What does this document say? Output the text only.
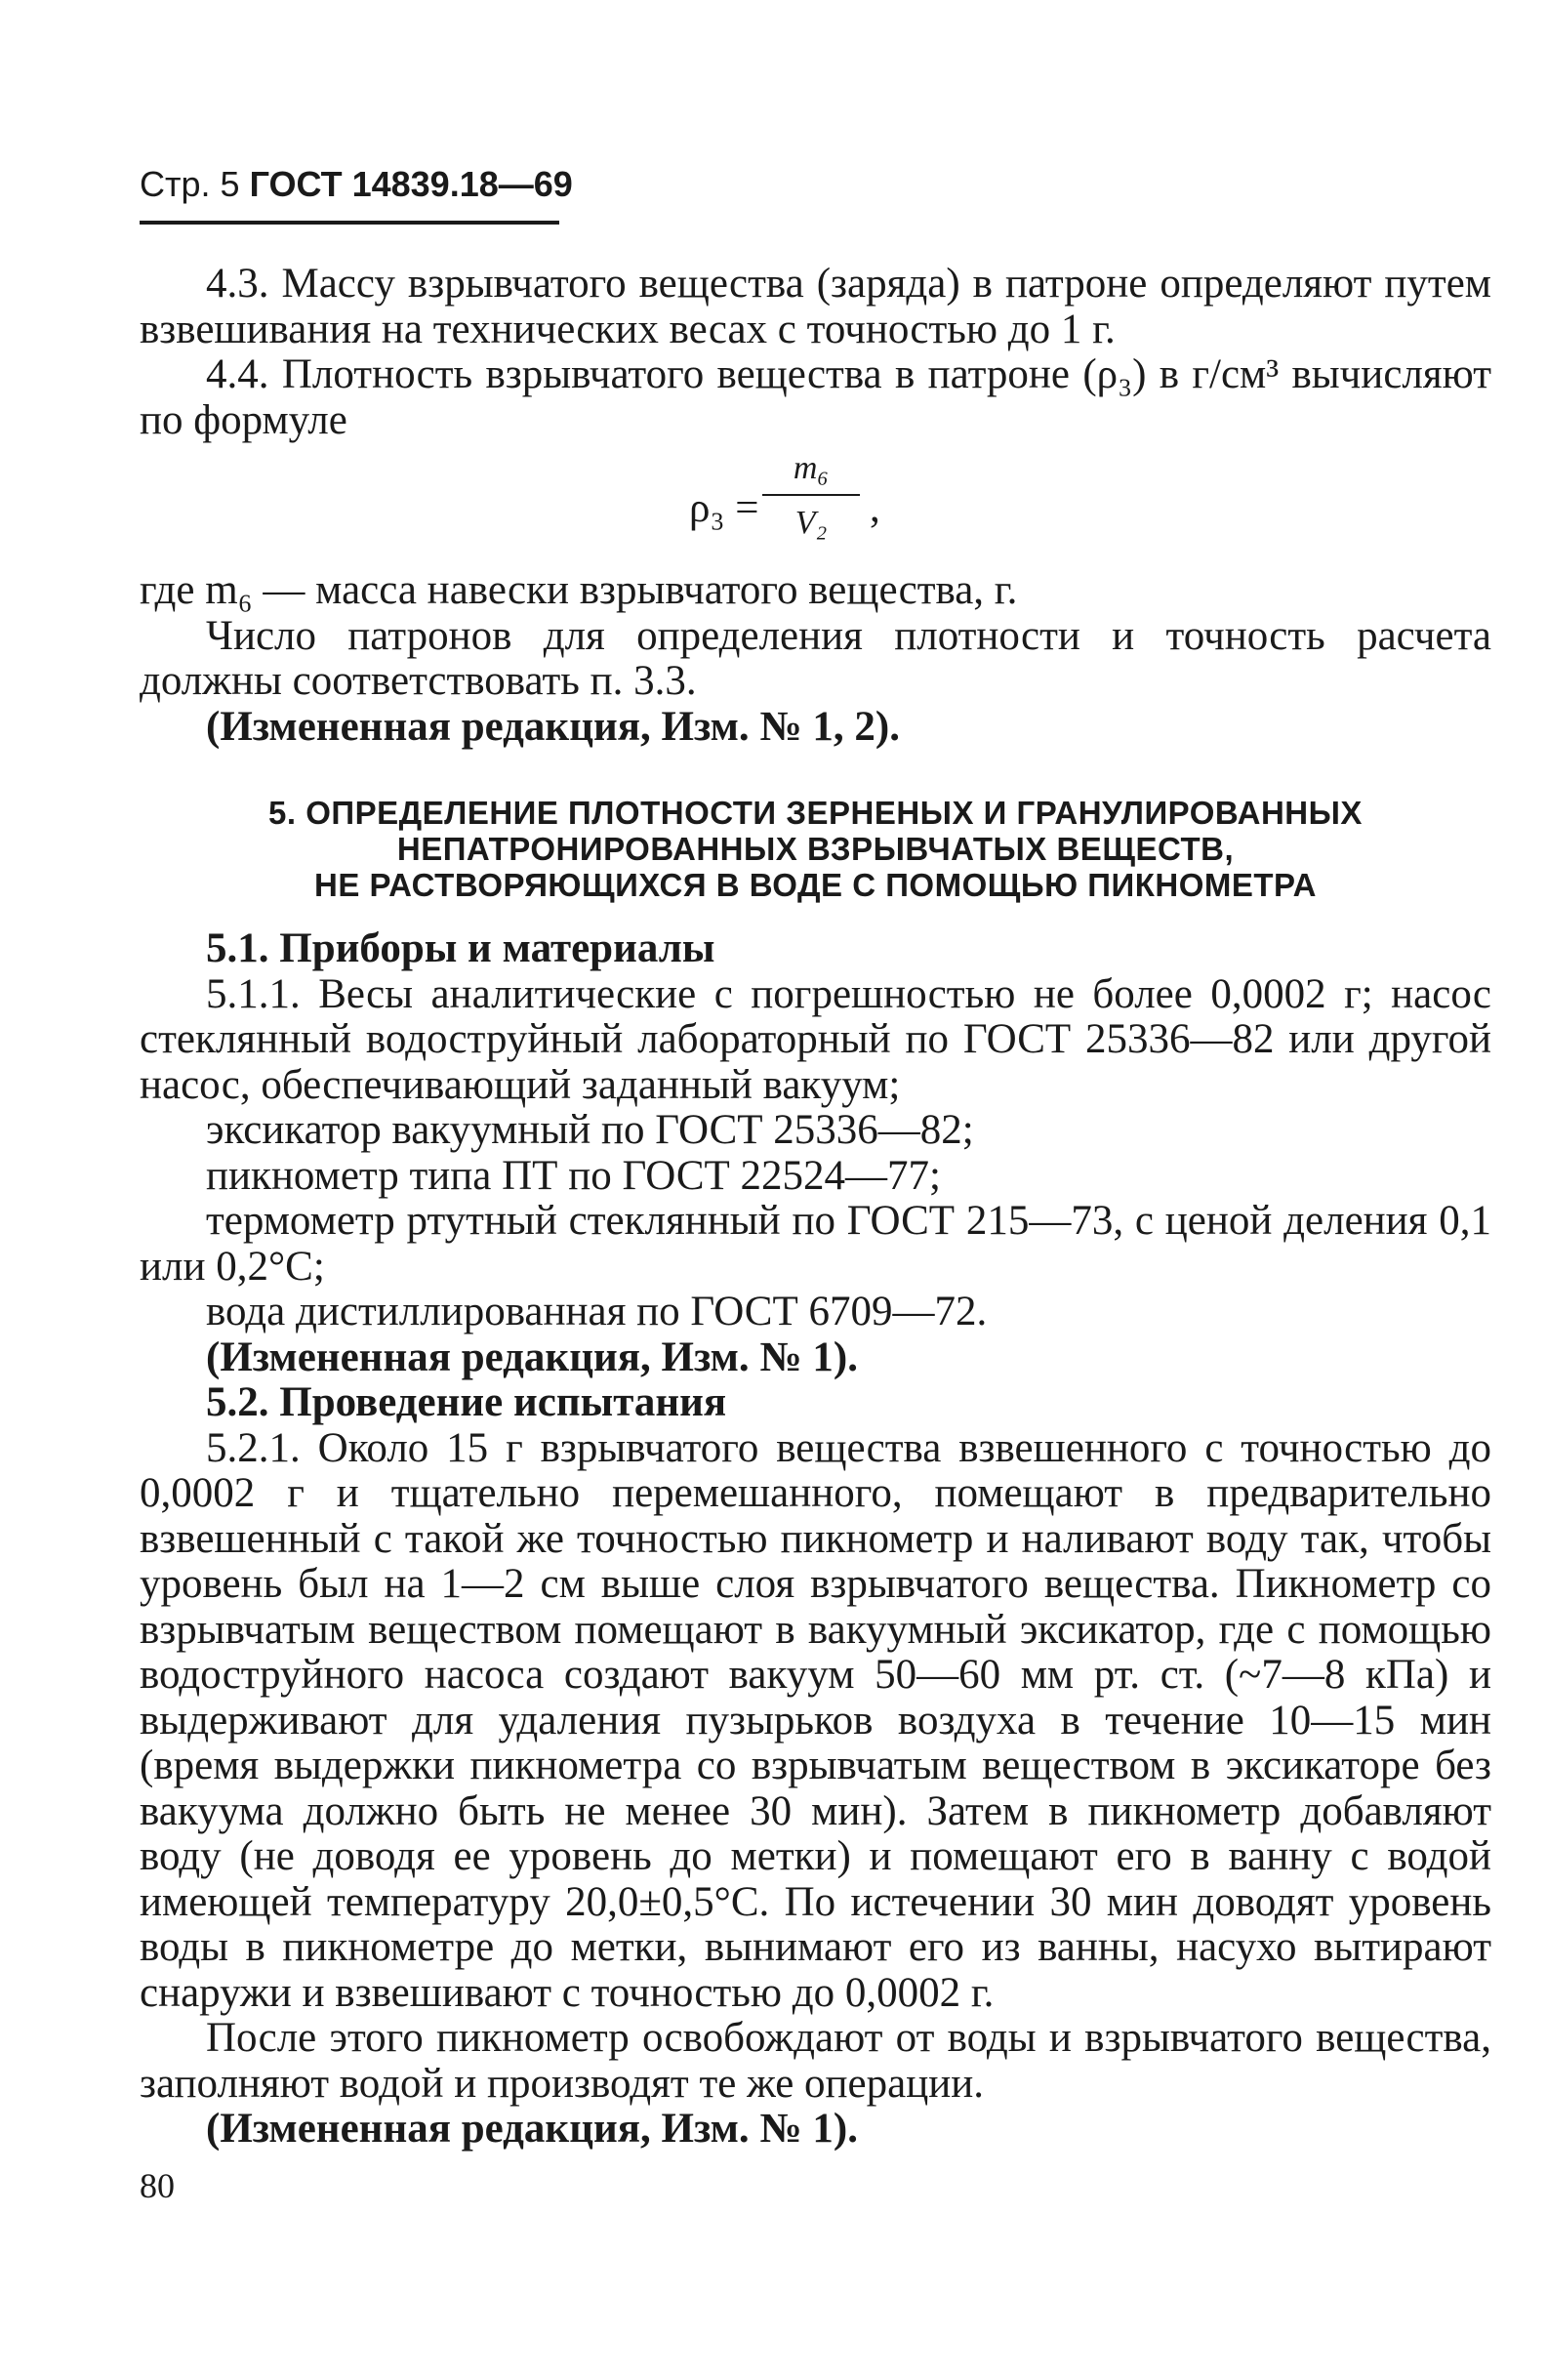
Стр. 5 ГОСТ 14839.18—69

4.3. Массу взрывчатого вещества (заряда) в патроне определяют путем взвешивания на технических весах с точностью до 1 г.

4.4. Плотность взрывчатого вещества в патроне (ρ₃) в г/см³ вычисляют по формуле

ρ₃ =
m₆
V₂	,

где m₆ — масса навески взрывчатого вещества, г.

Число патронов для определения плотности и точность расчета должны соответствовать п. 3.3.

(Измененная редакция, Изм. № 1, 2).

5. ОПРЕДЕЛЕНИЕ ПЛОТНОСТИ ЗЕРНЕНЫХ И ГРАНУЛИРОВАННЫХ
НЕПАТРОНИРОВАННЫХ ВЗРЫВЧАТЫХ ВЕЩЕСТВ,
НЕ РАСТВОРЯЮЩИХСЯ В ВОДЕ С ПОМОЩЬЮ ПИКНОМЕТРА

5.1. Приборы и материалы

5.1.1. Весы аналитические с погрешностью не более 0,0002 г; насос стеклянный водоструйный лабораторный по ГОСТ 25336—82 или другой насос, обеспечивающий заданный вакуум;

эксикатор вакуумный по ГОСТ 25336—82;

пикнометр типа ПТ по ГОСТ 22524—77;

термометр ртутный стеклянный по ГОСТ 215—73, с ценой деления 0,1 или 0,2°С;

вода дистиллированная по ГОСТ 6709—72.

(Измененная редакция, Изм. № 1).

5.2. Проведение испытания

5.2.1. Около 15 г взрывчатого вещества взвешенного с точностью до 0,0002 г и тщательно перемешанного, помещают в предварительно взвешенный с такой же точностью пикнометр и наливают воду так, чтобы уровень был на 1—2 см выше слоя взрывчатого вещества. Пикнометр со взрывчатым веществом помещают в вакуумный эксикатор, где с помощью водоструйного насоса создают вакуум 50—60 мм рт. ст. (~7—8 кПа) и выдерживают для удаления пузырьков воздуха в течение 10—15 мин (время выдержки пикнометра со взрывчатым веществом в эксикаторе без вакуума должно быть не менее 30 мин). Затем в пикнометр добавляют воду (не доводя ее уровень до метки) и помещают его в ванну с водой имеющей температуру 20,0±0,5°С. По истечении 30 мин доводят уровень воды в пикнометре до метки, вынимают его из ванны, насухо вытирают снаружи и взвешивают с точностью до 0,0002 г.

После этого пикнометр освобождают от воды и взрывчатого вещества, заполняют водой и производят те же операции.

(Измененная редакция, Изм. № 1).

80
